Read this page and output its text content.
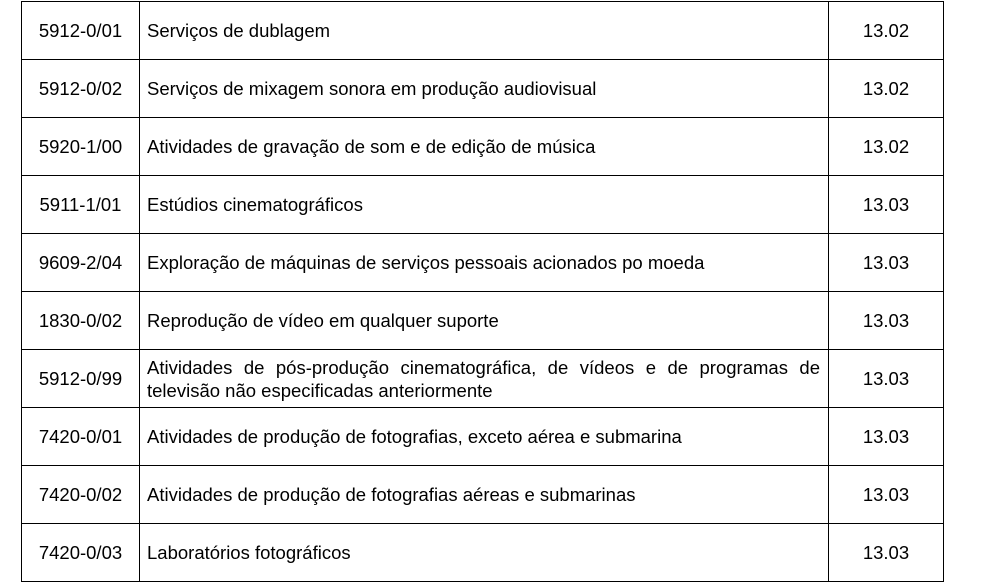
5912-0/01	Serviços de dublagem	13.02
5912-0/02	Serviços de mixagem sonora em produção audiovisual	13.02
5920-1/00	Atividades de gravação de som e de edição de música	13.02
5911-1/01	Estúdios cinematográficos	13.03
9609-2/04	Exploração de máquinas de serviços pessoais acionados po moeda	13.03
1830-0/02	Reprodução de vídeo em qualquer suporte	13.03
5912-0/99	Atividades de pós-produção cinematográfica, de vídeos e de programas de televisão não especificadas anteriormente	13.03
7420-0/01	Atividades de produção de fotografias, exceto aérea e submarina	13.03
7420-0/02	Atividades de produção de fotografias aéreas e submarinas	13.03
7420-0/03	Laboratórios fotográficos	13.03
